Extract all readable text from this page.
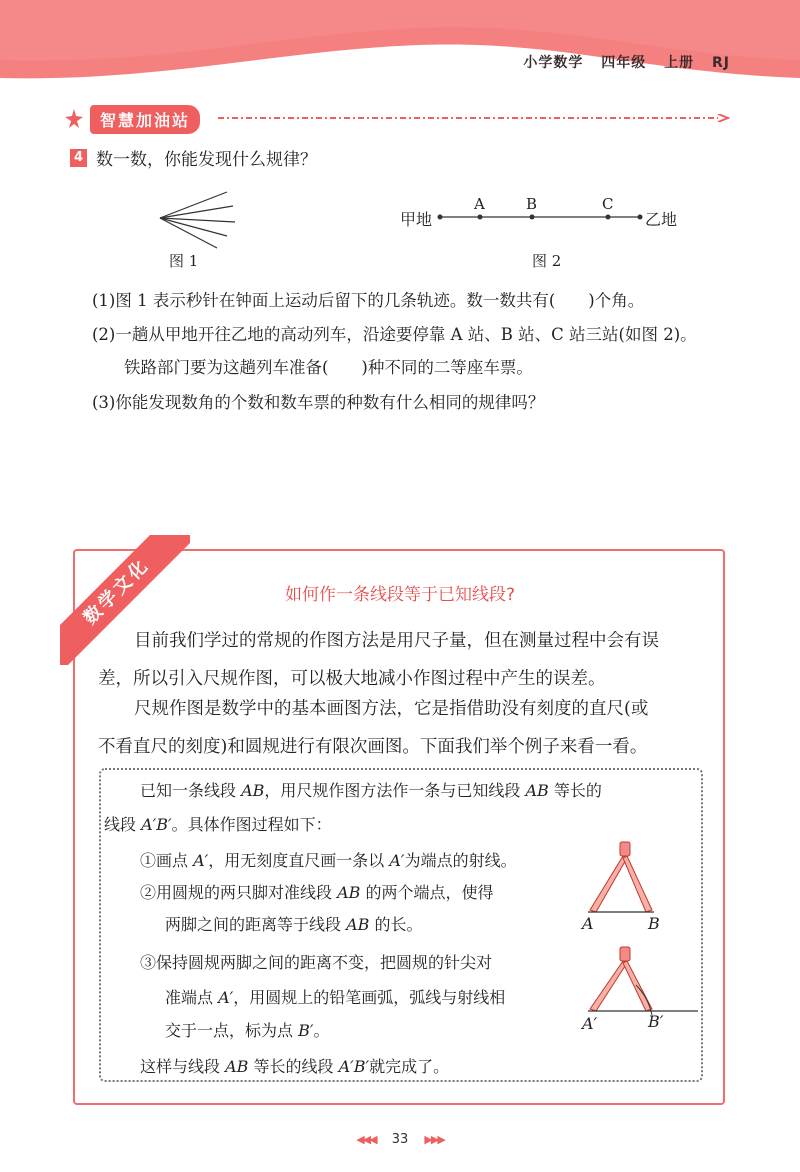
小学数学 四年级 上册 RJ
智慧加油站
4 数一数，你能发现什么规律？
图 1
甲地	乙地
A	B	C
图 2
(1)图 1 表示秒针在钟面上运动后留下的几条轨迹。数一数共有(　　)个角。
(2)一趟从甲地开往乙地的高动列车，沿途要停靠 A 站、B 站、C 站三站(如图 2)。
铁路部门要为这趟列车准备(　　)种不同的二等座车票。
(3)你能发现数角的个数和数车票的种数有什么相同的规律吗？
数学文化	如何作一条线段等于已知线段?
目前我们学过的常规的作图方法是用尺子量，但在测量过程中会有误
差，所以引入尺规作图，可以极大地减小作图过程中产生的误差。
尺规作图是数学中的基本画图方法，它是指借助没有刻度的直尺(或
不看直尺的刻度)和圆规进行有限次画图。下面我们举个例子来看一看。
已知一条线段 AB，用尺规作图方法作一条与已知线段 AB 等长的
线段 A′B′。具体作图过程如下：
①画点 A′，用无刻度直尺画一条以 A′为端点的射线。
②用圆规的两只脚对准线段 AB 的两个端点，使得
两脚之间的距离等于线段 AB 的长。
③保持圆规两脚之间的距离不变，把圆规的针尖对
准端点 A′，用圆规上的铅笔画弧，弧线与射线相
交于一点，标为点 B′。
这样与线段 AB 等长的线段 A′B′就完成了。
A	B
A′	B′
◀◀◀ 33 ▶▶▶
